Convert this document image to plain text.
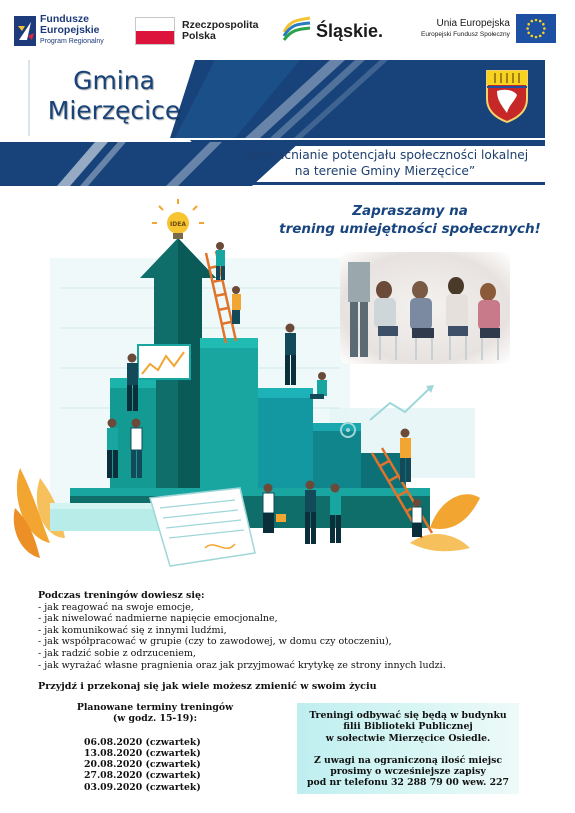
Fundusze
Europejskie
Program Regionalny
Rzeczpospolita
Polska	Śląskie.	Unia Europejska
Europejski Fundusz Społeczny
Gmina
Mierzęcice
„Wzmacnianie potencjału społeczności lokalnej
na terenie Gminy Mierzęcice”
Zapraszamy na
trening umiejętności społecznych!
IDEA
Podczas treningów dowiesz się:
- jak reagować na swoje emocje,
- jak niwelować nadmierne napięcie emocjonalne,
- jak komunikować się z innymi ludźmi,
- jak współpracować w grupie (czy to zawodowej, w domu czy otoczeniu),
- jak radzić sobie z odrzuceniem,
- jak wyrażać własne pragnienia oraz jak przyjmować krytykę ze strony innych ludzi.
Przyjdź i przekonaj się jak wiele możesz zmienić w swoim życiu
Planowane terminy treningów
(w godz. 15-19):
06.08.2020 (czwartek)
13.08.2020 (czwartek)
20.08.2020 (czwartek)
27.08.2020 (czwartek)
03.09.2020 (czwartek)
Treningi odbywać się będą w budynku
filii Biblioteki Publicznej
w sołectwie Mierzęcice Osiedle.
Z uwagi na ograniczoną ilość miejsc
prosimy o wcześniejsze zapisy
pod nr telefonu 32 288 79 00 wew. 227
